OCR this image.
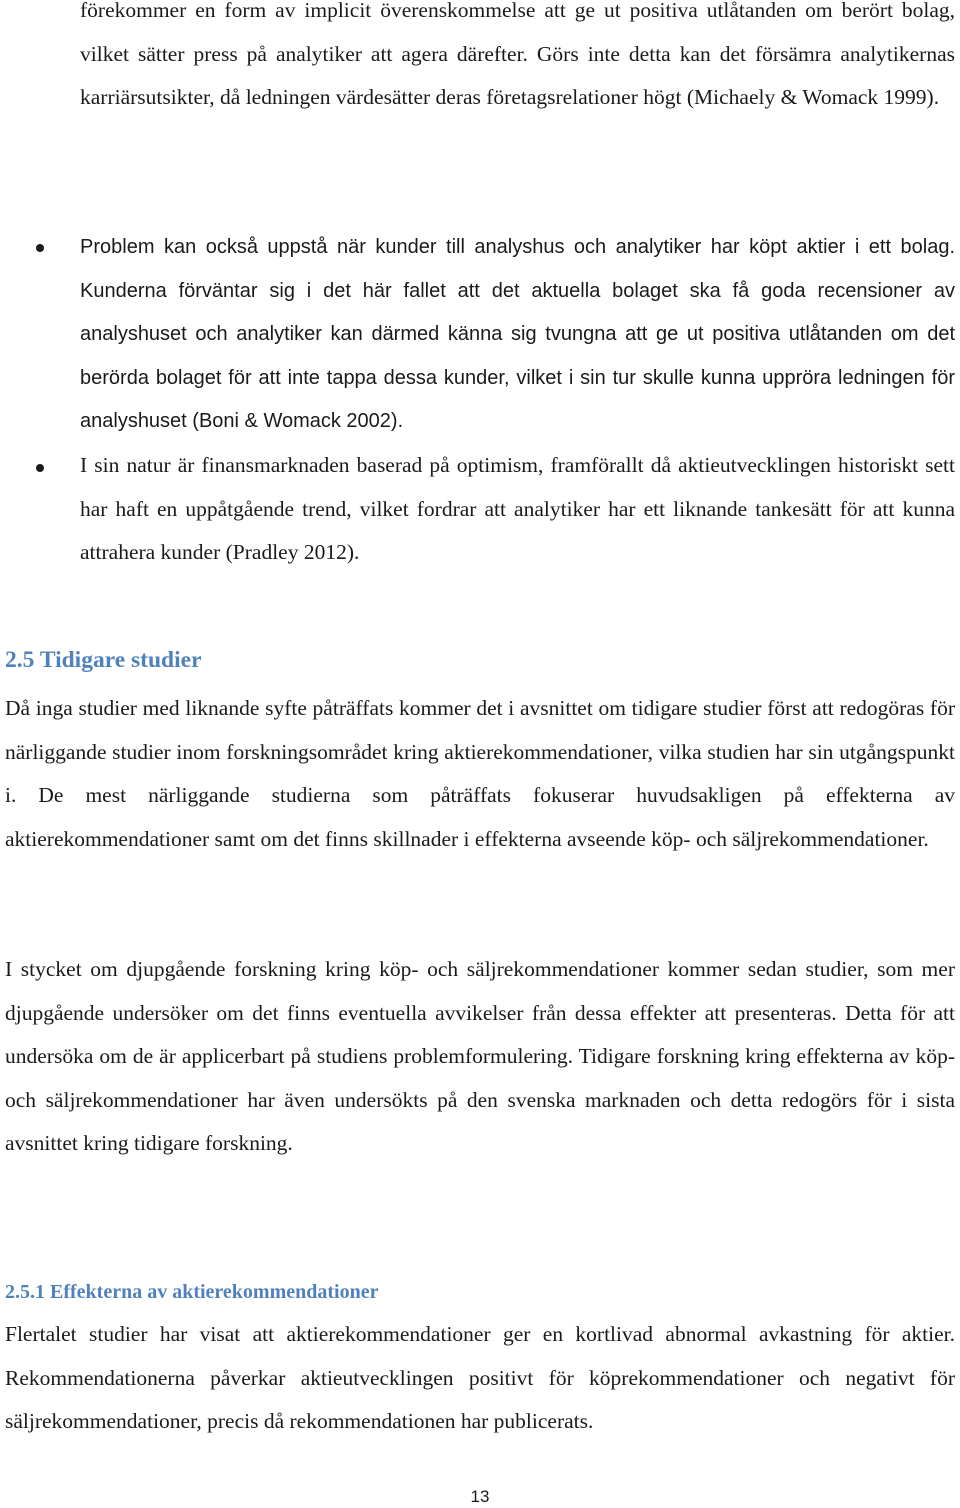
förekommer en form av implicit överenskommelse att ge ut positiva utlåtanden om berört bolag, vilket sätter press på analytiker att agera därefter. Görs inte detta kan det försämra analytikernas karriärsutsikter, då ledningen värdesätter deras företagsrelationer högt (Michaely & Womack 1999).

Problem kan också uppstå när kunder till analyshus och analytiker har köpt aktier i ett bolag. Kunderna förväntar sig i det här fallet att det aktuella bolaget ska få goda recensioner av analyshuset och analytiker kan därmed känna sig tvungna att ge ut positiva utlåtanden om det berörda bolaget för att inte tappa dessa kunder, vilket i sin tur skulle kunna uppröra ledningen för analyshuset (Boni & Womack 2002).

I sin natur är finansmarknaden baserad på optimism, framförallt då aktieutvecklingen historiskt sett har haft en uppåtgående trend, vilket fordrar att analytiker har ett liknande tankesätt för att kunna attrahera kunder (Pradley 2012).

2.5 Tidigare studier

Då inga studier med liknande syfte påträffats kommer det i avsnittet om tidigare studier först att redogöras för närliggande studier inom forskningsområdet kring aktierekommendationer, vilka studien har sin utgångspunkt i. De mest närliggande studierna som påträffats fokuserar huvudsakligen på effekterna av aktierekommendationer samt om det finns skillnader i effekterna avseende köp- och säljrekommendationer.

I stycket om djupgående forskning kring köp- och säljrekommendationer kommer sedan studier, som mer djupgående undersöker om det finns eventuella avvikelser från dessa effekter att presenteras. Detta för att undersöka om de är applicerbart på studiens problemformulering. Tidigare forskning kring effekterna av köp- och säljrekommendationer har även undersökts på den svenska marknaden och detta redogörs för i sista avsnittet kring tidigare forskning.

2.5.1 Effekterna av aktierekommendationer

Flertalet studier har visat att aktierekommendationer ger en kortlivad abnormal avkastning för aktier. Rekommendationerna påverkar aktieutvecklingen positivt för köprekommendationer och negativt för säljrekommendationer, precis då rekommendationen har publicerats.

13
